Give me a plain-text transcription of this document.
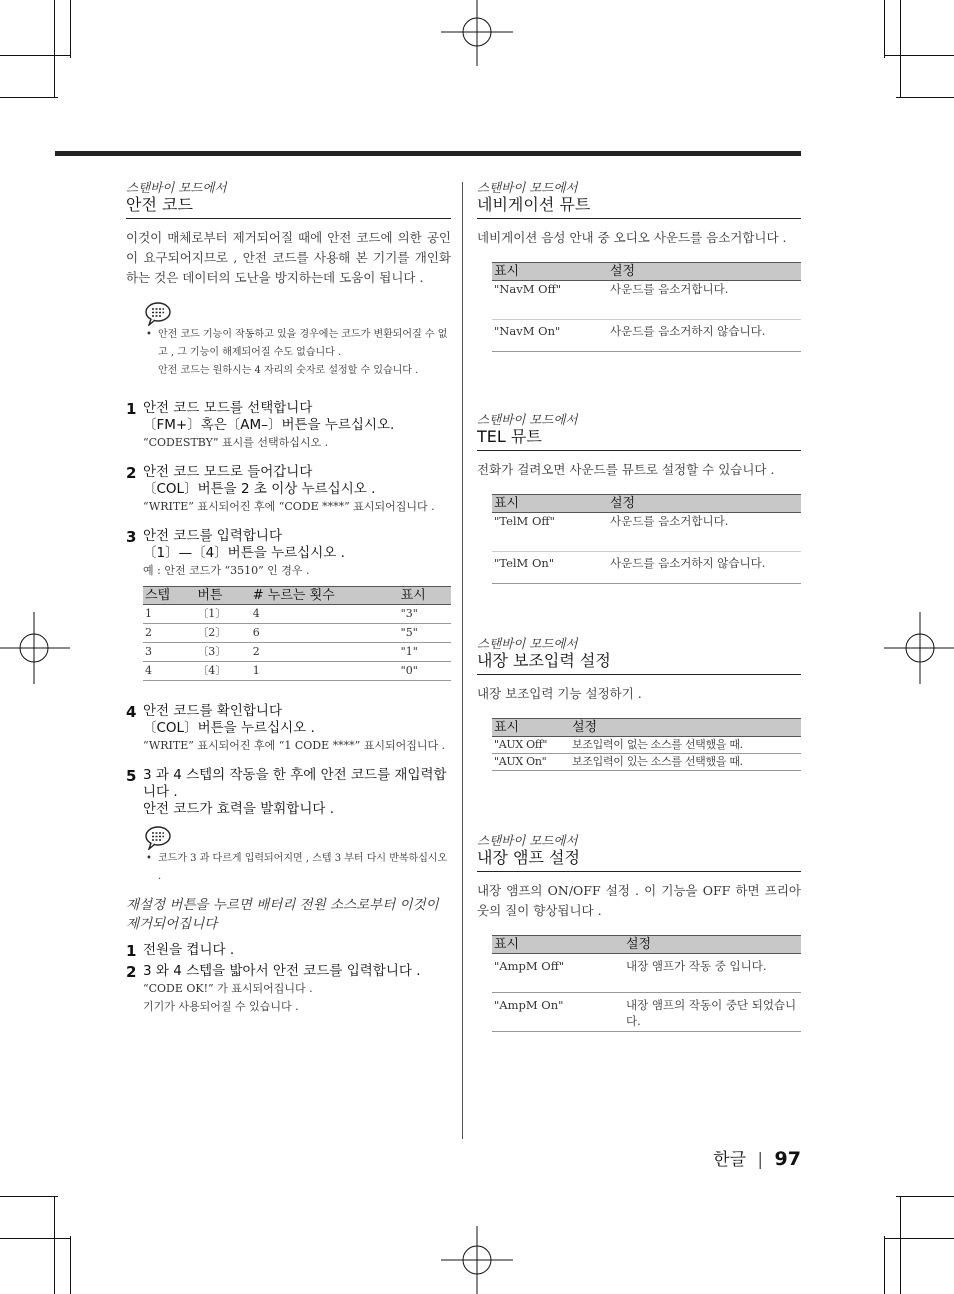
스탠바이 모드에서
안전 코드
이것이 매체로부터 제거되어질 때에 안전 코드에 의한 공인이 요구되어지므로 , 안전 코드를 사용해 본 기기를 개인화하는 것은 데이터의 도난을 방지하는데 도움이 됩니다 .
• 안전 코드 기능이 작동하고 있을 경우에는 코드가 변환되어질 수 없고 , 그 기능이 해제되어질 수도 없습니다 .
안전 코드는 원하시는 4 자리의 숫자로 설정할 수 있습니다 .
1 안전 코드 모드를 선택합니다
〔FM+〕혹은〔AM–〕버튼을 누르십시오.
“CODESTBY” 표시를 선택하십시오 .
2 안전 코드 모드로 들어갑니다
〔COL〕버튼을 2 초 이상 누르십시오 .
“WRITE” 표시되어진 후에 “CODE ****” 표시되어집니다 .
3 안전 코드를 입력합니다
〔1〕—〔4〕버튼을 누르십시오 .
예 : 안전 코드가 “3510” 인 경우 .
스텝	버튼	# 누르는 횟수	표시
1	〔1〕	4	"3"
2	〔2〕	6	"5"
3	〔3〕	2	"1"
4	〔4〕	1	"0"
4 안전 코드를 확인합니다
〔COL〕버튼을 누르십시오 .
“WRITE” 표시되어진 후에 “1 CODE ****” 표시되어집니다 .
5 3 과 4 스텝의 작동을 한 후에 안전 코드를 재입력합니다 .
안전 코드가 효력을 발휘합니다 .
• 코드가 3 과 다르게 입력되어지면 , 스텝 3 부터 다시 반복하십시오 .
재설정 버튼을 누르면 배터리 전원 소스로부터 이것이 제거되어집니다
1 전원을 켭니다 .
2 3 와 4 스텝을 밟아서 안전 코드를 입력합니다 .
“CODE OK!” 가 표시되어집니다 .
기기가 사용되어질 수 있습니다 .
스탠바이 모드에서
네비게이션 뮤트
네비게이션 음성 안내 중 오디오 사운드를 음소거합니다 .
표시	설정
"NavM Off"	사운드를 음소거합니다.
"NavM On"	사운드를 음소거하지 않습니다.
스탠바이 모드에서
TEL 뮤트
전화가 걸려오면 사운드를 뮤트로 설정할 수 있습니다 .
표시	설정
"TelM Off"	사운드를 음소거합니다.
"TelM On"	사운드를 음소거하지 않습니다.
스탠바이 모드에서
내장 보조입력 설정
내장 보조입력 기능 설정하기 .
표시	설정
"AUX Off"	보조입력이 없는 소스를 선택했을 때.
"AUX On"	보조입력이 있는 소스를 선택했을 때.
스탠바이 모드에서
내장 앰프 설정
내장 앰프의 ON/OFF 설정 . 이 기능을 OFF 하면 프리아웃의 질이 향상됩니다 .
표시	설정
"AmpM Off"	내장 앰프가 작동 중 입니다.
"AmpM On"	내장 앰프의 작동이 중단 되었습니다.
한글 | 97
